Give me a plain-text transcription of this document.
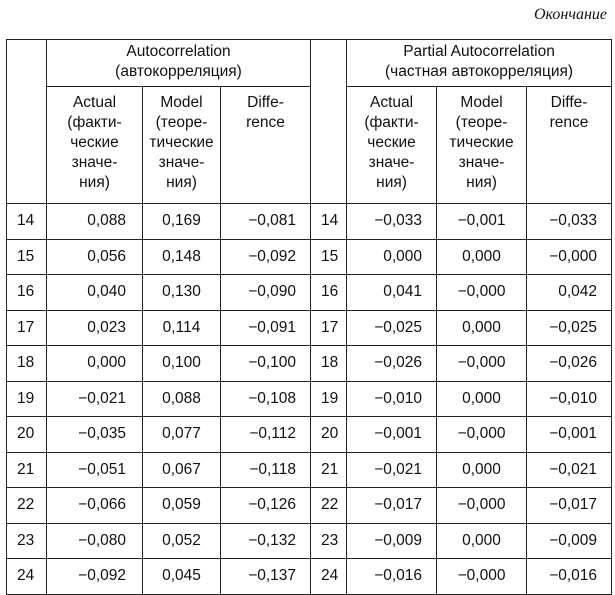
Окончание
	Autocorrelation
(автокорреляция)				Partial Autocorrelation
(частная автокорреляция)		

	Actual
(факти-
ческие
значе-
ния)	Model
(теоре-
тические
значе-
ния)	Diffe-
rence		Actual
(факти-
ческие
значе-
ния)	Model
(теоре-
тические
значе-
ния)	Diffe-
rence

14	0,088	0,169	−0,081	14	−0,033	−0,001	−0,033
15	0,056	0,148	−0,092	15	0,000	0,000	−0,000
16	0,040	0,130	−0,090	16	0,041	−0,000	0,042
17	0,023	0,114	−0,091	17	−0,025	0,000	−0,025
18	0,000	0,100	−0,100	18	−0,026	−0,000	−0,026
19	−0,021	0,088	−0,108	19	−0,010	0,000	−0,010
20	−0,035	0,077	−0,112	20	−0,001	−0,000	−0,001
21	−0,051	0,067	−0,118	21	−0,021	0,000	−0,021
22	−0,066	0,059	−0,126	22	−0,017	−0,000	−0,017
23	−0,080	0,052	−0,132	23	−0,009	0,000	−0,009
24	−0,092	0,045	−0,137	24	−0,016	−0,000	−0,016
